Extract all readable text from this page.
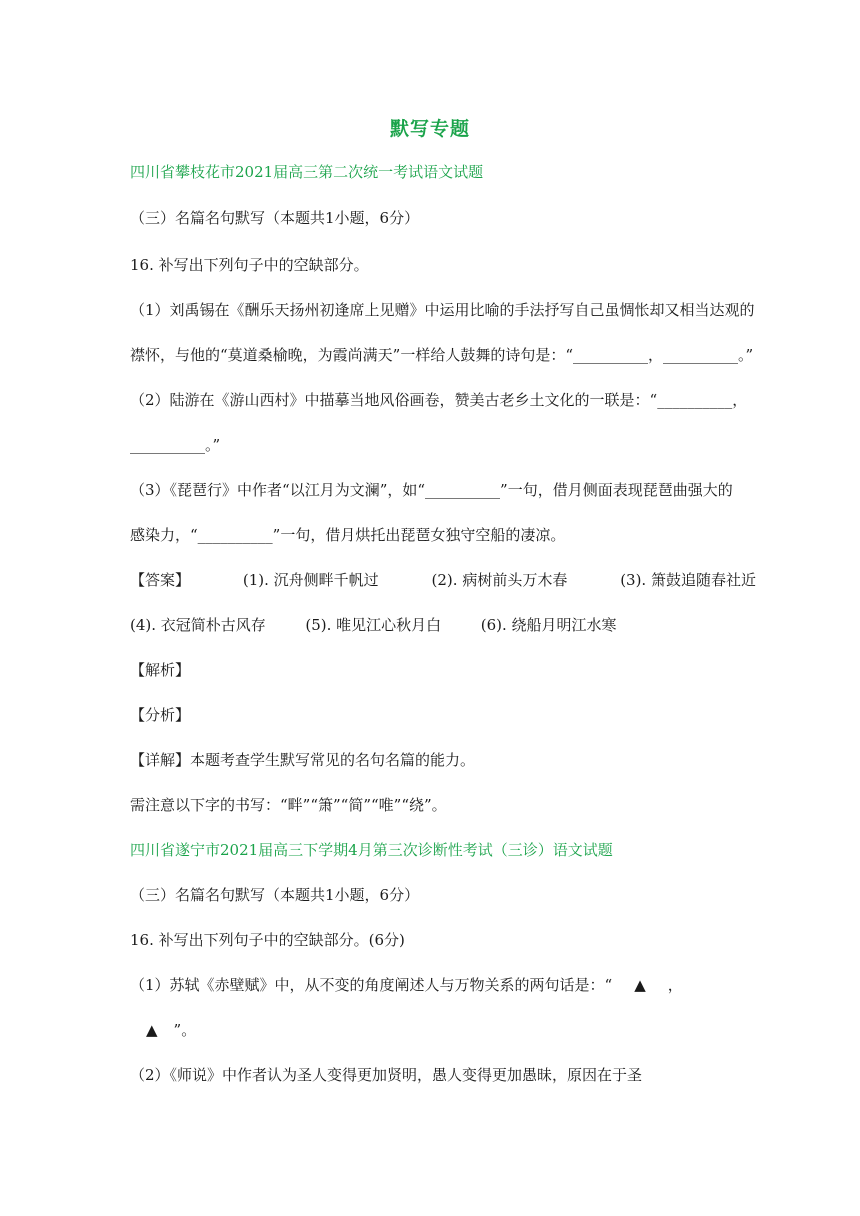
默写专题
四川省攀枝花市2021届高三第二次统一考试语文试题
（三）名篇名句默写（本题共1小题，6分）
16. 补写出下列句子中的空缺部分。
（1）刘禹锡在《酬乐天扬州初逢席上见赠》中运用比喻的手法抒写自己虽惆怅却又相当达观的
襟怀，与他的“莫道桑榆晚，为霞尚满天”一样给人鼓舞的诗句是：“__________，__________。”
（2）陆游在《游山西村》中描摹当地风俗画卷，赞美古老乡土文化的一联是：“__________，
__________。”
（3）《琵琶行》中作者“以江月为文澜”，如“__________”一句，借月侧面表现琵琶曲强大的
感染力，“__________”一句，借月烘托出琵琶女独守空船的凄凉。
【答案】	(1). 沉舟侧畔千帆过	(2). 病树前头万木春	(3). 箫鼓追随春社近
(4). 衣冠简朴古风存	(5). 唯见江心秋月白	(6). 绕船月明江水寒
【解析】
【分析】
【详解】本题考查学生默写常见的名句名篇的能力。
需注意以下字的书写：“畔”“箫”“简”“唯”“绕”。
四川省遂宁市2021届高三下学期4月第三次诊断性考试（三诊）语文试题
（三）名篇名句默写（本题共1小题，6分）
16. 补写出下列句子中的空缺部分。(6分)
（1）苏轼《赤壁赋》中，从不变的角度阐述人与万物关系的两句话是：“ ▲ ，
▲ ”。
（2）《师说》中作者认为圣人变得更加贤明，愚人变得更加愚昧，原因在于圣
